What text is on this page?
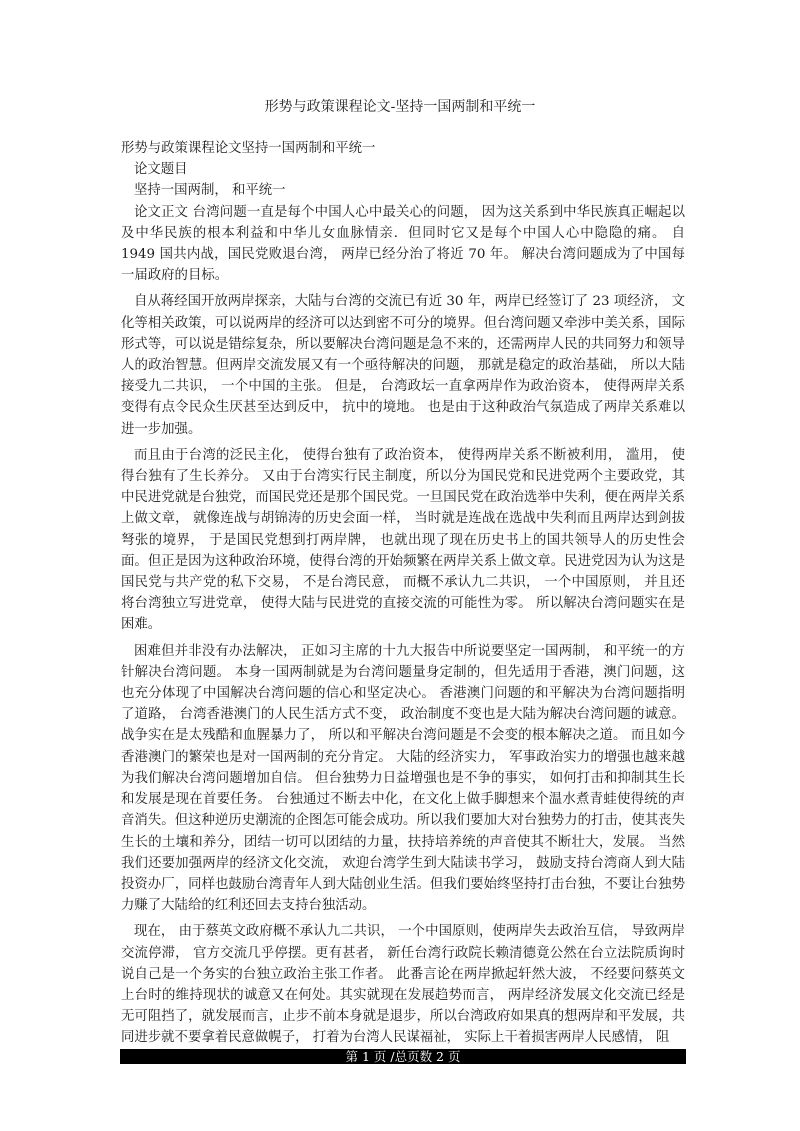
形势与政策课程论文-坚持一国两制和平统一

形势与政策课程论文坚持一国两制和平统一

论文题目

坚持一国两制， 和平统一

论文正文 台湾问题一直是每个中国人心中最关心的问题， 因为这关系到中华民族真正崛起以及中华民族的根本利益和中华儿女血脉情亲．但同时它又是每个中国人心中隐隐的痛。 自 1949 国共内战，国民党败退台湾， 两岸已经分治了将近 70 年。 解决台湾问题成为了中国每一届政府的目标。

自从蒋经国开放两岸探亲，大陆与台湾的交流已有近 30 年，两岸已经签订了 23 项经济， 文化等相关政策，可以说两岸的经济可以达到密不可分的境界。但台湾问题又牵涉中美关系，国际形式等，可以说是错综复杂，所以要解决台湾问题是急不来的，还需两岸人民的共同努力和领导人的政治智慧。但两岸交流发展又有一个亟待解决的问题， 那就是稳定的政治基础， 所以大陆接受九二共识， 一个中国的主张。 但是， 台湾政坛一直拿两岸作为政治资本， 使得两岸关系变得有点令民众生厌甚至达到反中， 抗中的境地。 也是由于这种政治气氛造成了两岸关系难以进一步加强。

而且由于台湾的泛民主化， 使得台独有了政治资本， 使得两岸关系不断被利用， 滥用， 使得台独有了生长养分。 又由于台湾实行民主制度，所以分为国民党和民进党两个主要政党，其中民进党就是台独党，而国民党还是那个国民党。一旦国民党在政治选举中失利，便在两岸关系上做文章， 就像连战与胡锦涛的历史会面一样， 当时就是连战在选战中失利而且两岸达到剑拔弩张的境界， 于是国民党想到打两岸牌， 也就出现了现在历史书上的国共领导人的历史性会面。但正是因为这种政治环境，使得台湾的开始频繁在两岸关系上做文章。民进党因为认为这是国民党与共产党的私下交易， 不是台湾民意， 而概不承认九二共识， 一个中国原则， 并且还将台湾独立写进党章， 使得大陆与民进党的直接交流的可能性为零。 所以解决台湾问题实在是困难。

困难但并非没有办法解决， 正如习主席的十九大报告中所说要坚定一国两制， 和平统一的方针解决台湾问题。 本身一国两制就是为台湾问题量身定制的，但先适用于香港，澳门问题，这也充分体现了中国解决台湾问题的信心和坚定决心。 香港澳门问题的和平解决为台湾问题指明了道路， 台湾香港澳门的人民生活方式不变， 政治制度不变也是大陆为解决台湾问题的诚意。战争实在是太残酷和血腥暴力了， 所以和平解决台湾问题是不会变的根本解决之道。 而且如今香港澳门的繁荣也是对一国两制的充分肯定。 大陆的经济实力， 军事政治实力的增强也越来越为我们解决台湾问题增加自信。 但台独势力日益增强也是不争的事实， 如何打击和抑制其生长和发展是现在首要任务。 台独通过不断去中化，在文化上做手脚想来个温水煮青蛙使得统的声音消失。但这种逆历史潮流的企图怎可能会成功。所以我们要加大对台独势力的打击，使其丧失生长的土壤和养分，团结一切可以团结的力量，扶持培养统的声音使其不断壮大，发展。 当然我们还要加强两岸的经济文化交流， 欢迎台湾学生到大陆读书学习， 鼓励支持台湾商人到大陆投资办厂，同样也鼓励台湾青年人到大陆创业生活。但我们要始终坚持打击台独，不要让台独势力赚了大陆给的红利还回去支持台独活动。

现在， 由于蔡英文政府概不承认九二共识， 一个中国原则，使两岸失去政治互信， 导致两岸交流停滞， 官方交流几乎停摆。更有甚者， 新任台湾行政院长赖清德竟公然在台立法院质询时说自己是一个务实的台独立政治主张工作者。 此番言论在两岸掀起轩然大波， 不经要问蔡英文上台时的维持现状的诚意又在何处。其实就现在发展趋势而言， 两岸经济发展文化交流已经是无可阻挡了，就发展而言，止步不前本身就是退步，所以台湾政府如果真的想两岸和平发展，共同进步就不要拿着民意做幌子， 打着为台湾人民谋福祉， 实际上干着损害两岸人民感情， 阻

第 1 页 /总页数 2 页
